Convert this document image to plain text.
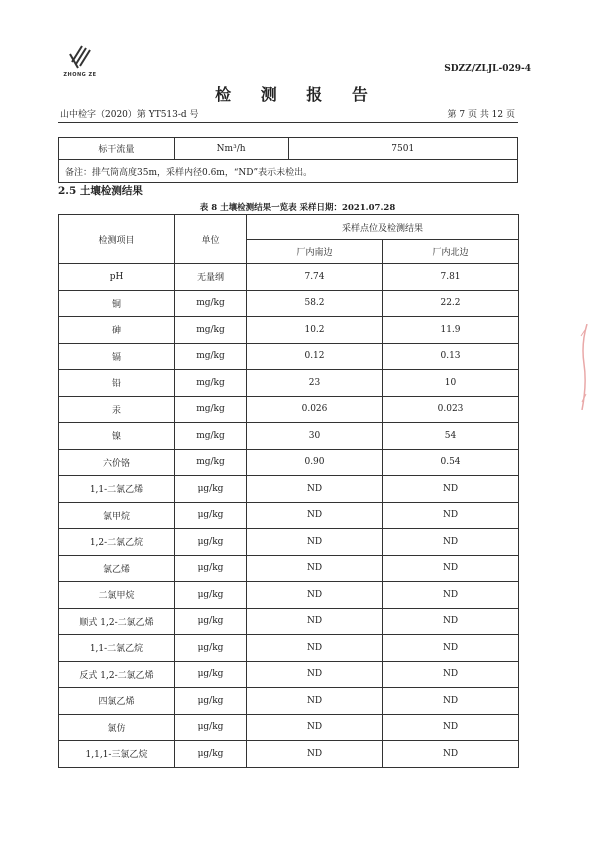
ZHONG ZE
SDZZ/ZLJL-029-4
检 测 报 告
山中检字（2020）第 YT513-d 号	第 7 页 共 12 页
标干流量	Nm³/h	7501
备注：排气筒高度35m，采样内径0.6m，“ND”表示未检出。
2.5 土壤检测结果
表 8 土壤检测结果一览表 采样日期：2021.07.28
检测项目	单位	采样点位及检测结果	
		厂内南边	厂内北边
pH	无量纲	7.74	7.81
铜	mg/kg	58.2	22.2
砷	mg/kg	10.2	11.9
镉	mg/kg	0.12	0.13
铅	mg/kg	23	10
汞	mg/kg	0.026	0.023
镍	mg/kg	30	54
六价铬	mg/kg	0.90	0.54
1,1-二氯乙烯	μg/kg	ND	ND
氯甲烷	μg/kg	ND	ND
1,2-二氯乙烷	μg/kg	ND	ND
氯乙烯	μg/kg	ND	ND
二氯甲烷	μg/kg	ND	ND
顺式 1,2-二氯乙烯	μg/kg	ND	ND
1,1-二氯乙烷	μg/kg	ND	ND
反式 1,2-二氯乙烯	μg/kg	ND	ND
四氯乙烯	μg/kg	ND	ND
氯仿	μg/kg	ND	ND
1,1,1-三氯乙烷	μg/kg	ND	ND
